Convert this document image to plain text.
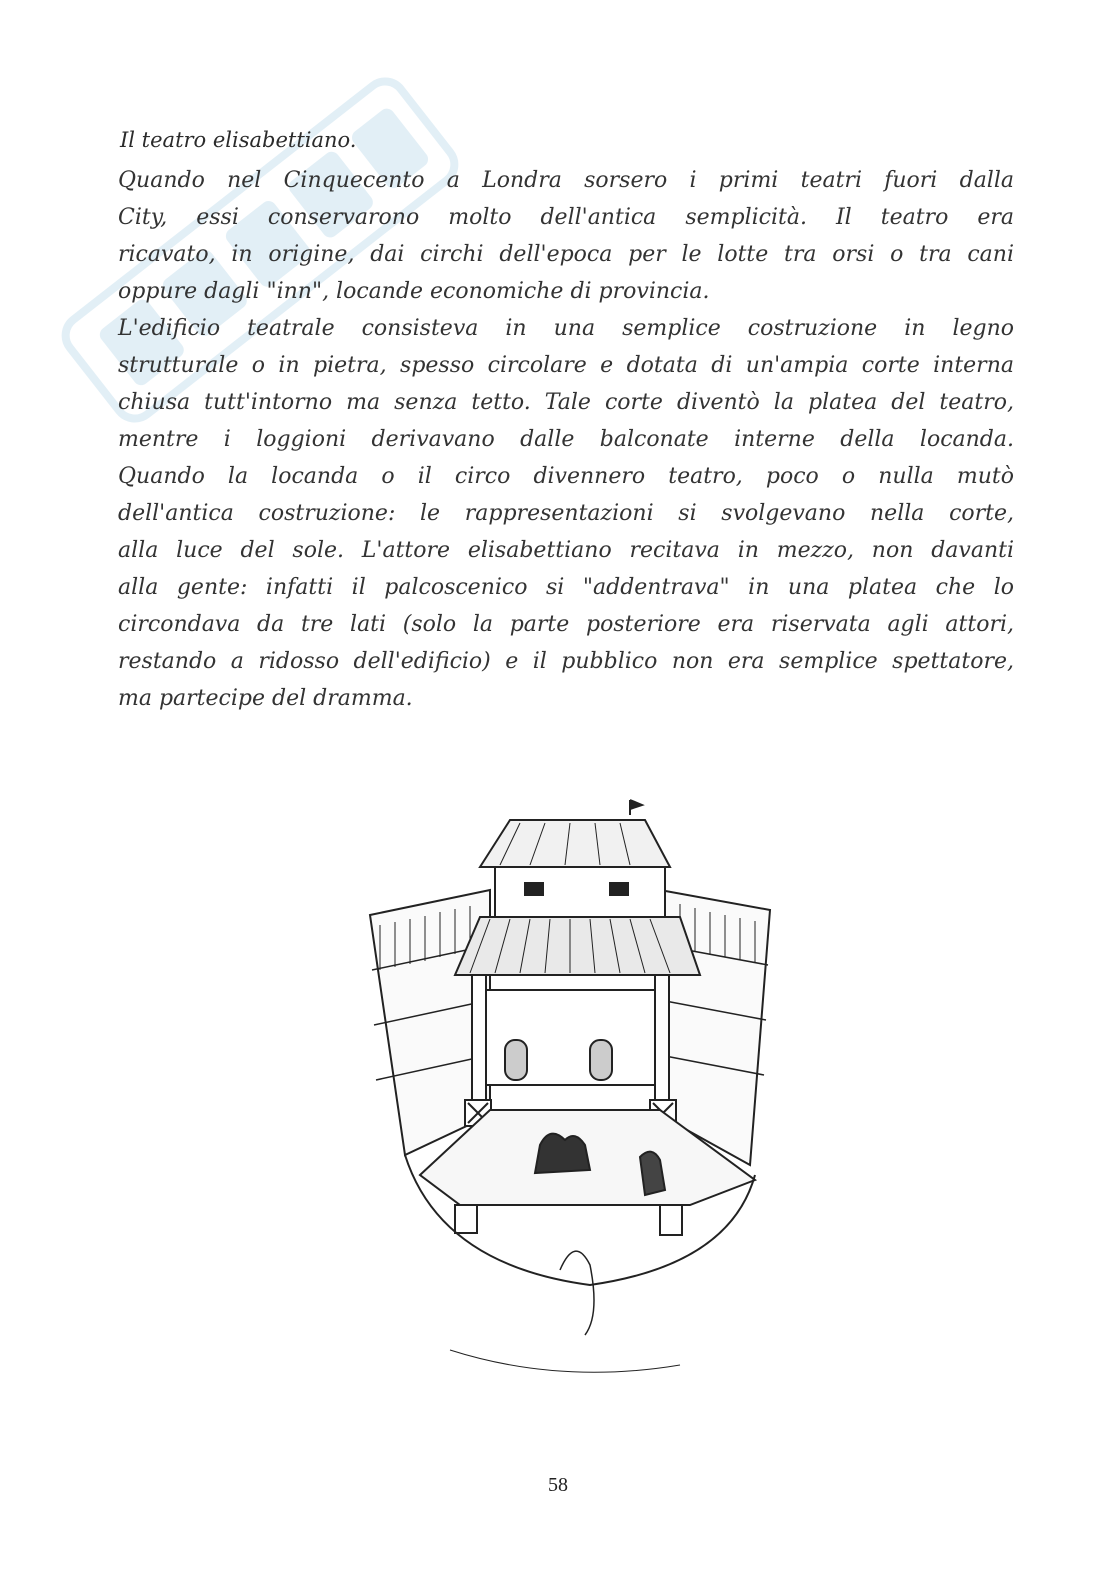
Il teatro elisabettiano.
Quando nel Cinquecento a Londra sorsero i primi teatri fuori dalla
City, essi conservarono molto dell'antica semplicità. Il teatro era
ricavato, in origine, dai circhi dell'epoca per le lotte tra orsi o tra cani
oppure dagli "inn", locande economiche di provincia.
L'edificio teatrale consisteva in una semplice costruzione in legno
strutturale o in pietra, spesso circolare e dotata di un'ampia corte interna
chiusa tutt'intorno ma senza tetto. Tale corte diventò la platea del teatro,
mentre i loggioni derivavano dalle balconate interne della locanda.
Quando la locanda o il circo divennero teatro, poco o nulla mutò
dell'antica costruzione: le rappresentazioni si svolgevano nella corte,
alla luce del sole. L'attore elisabettiano recitava in mezzo, non davanti
alla gente: infatti il palcoscenico si "addentrava" in una platea che lo
circondava da tre lati (solo la parte posteriore era riservata agli attori,
restando a ridosso dell'edificio) e il pubblico non era semplice spettatore,
ma partecipe del dramma.
58
